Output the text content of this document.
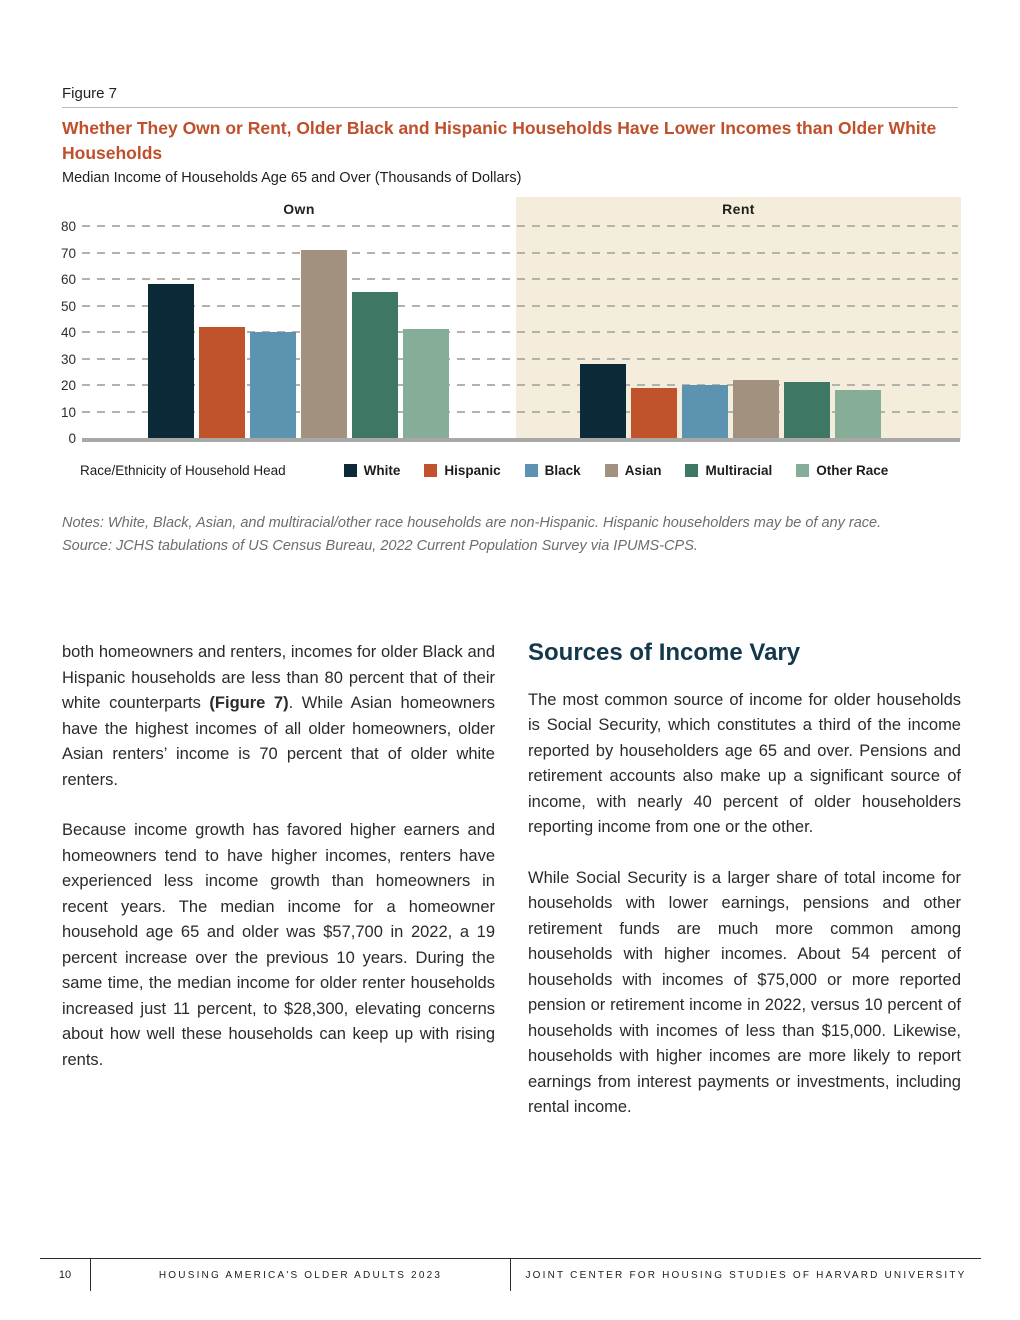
Figure 7
Whether They Own or Rent, Older Black and Hispanic Households Have Lower Incomes than Older White Households
Median Income of Households Age 65 and Over (Thousands of Dollars)
Own	Rent
0
10
20
30
40
50
60
70
80
Race/Ethnicity of Household Head	White	Hispanic	Black	Asian	Multiracial	Other Race
Notes: White, Black, Asian, and multiracial/other race households are non-Hispanic. Hispanic householders may be of any race.
Source: JCHS tabulations of US Census Bureau, 2022 Current Population Survey via IPUMS-CPS.

both homeowners and renters, incomes for older Black and Hispanic households are less than 80 percent that of their white counterparts (Figure 7). While Asian homeowners have the highest incomes of all older homeowners, older Asian renters’ income is 70 percent that of older white renters.

Because income growth has favored higher earners and homeowners tend to have higher incomes, renters have experienced less income growth than homeowners in recent years. The median income for a homeowner household age 65 and older was $57,700 in 2022, a 19 percent increase over the previous 10 years. During the same time, the median income for older renter households increased just 11 percent, to $28,300, elevating concerns about how well these households can keep up with rising rents.

Sources of Income Vary

The most common source of income for older households is Social Security, which constitutes a third of the income reported by householders age 65 and over. Pensions and retirement accounts also make up a significant source of income, with nearly 40 percent of older householders reporting income from one or the other.

While Social Security is a larger share of total income for households with lower earnings, pensions and other retirement funds are much more common among households with higher incomes. About 54 percent of households with incomes of $75,000 or more reported pension or retirement income in 2022, versus 10 percent of households with incomes of less than $15,000. Likewise, households with higher incomes are more likely to report earnings from interest payments or investments, including rental income.

10	HOUSING AMERICA'S OLDER ADULTS 2023	JOINT CENTER FOR HOUSING STUDIES OF HARVARD UNIVERSITY
